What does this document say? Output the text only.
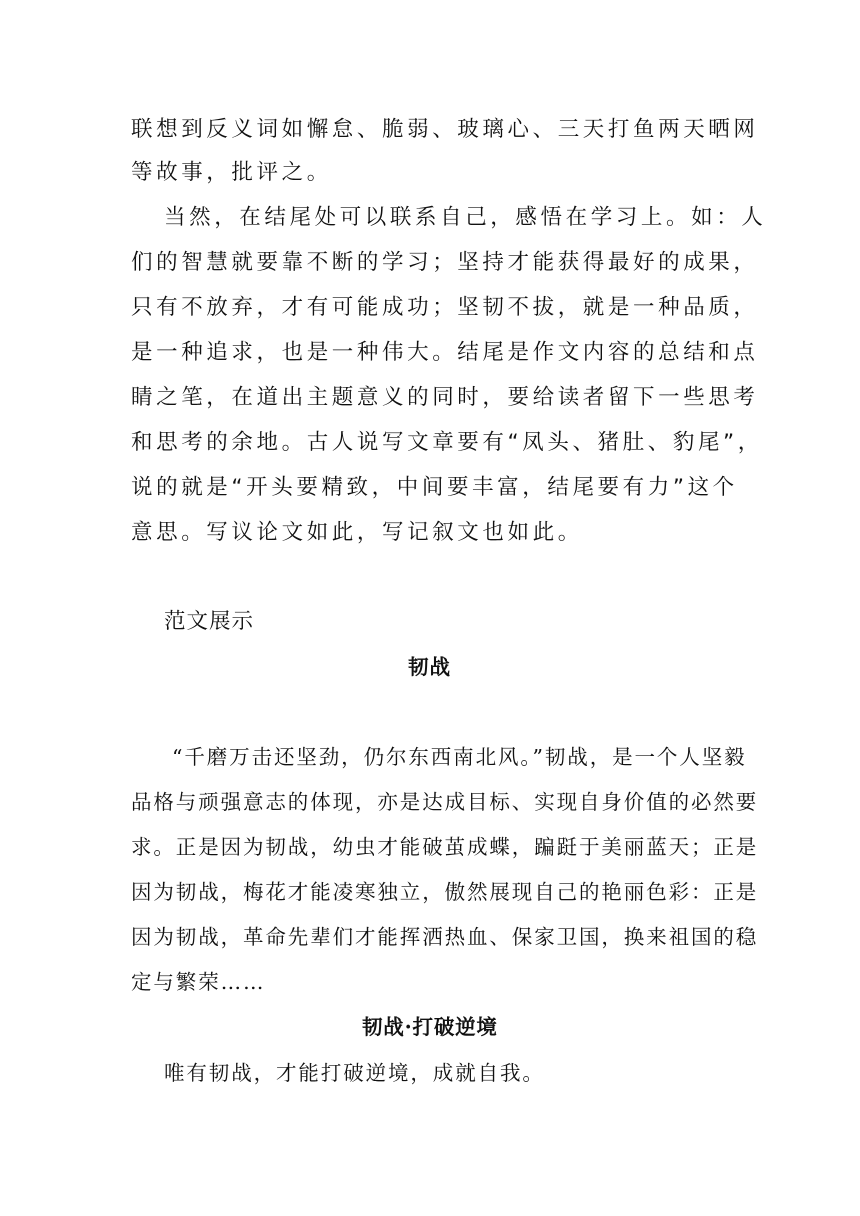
联想到反义词如懈怠、脆弱、玻璃心、三天打鱼两天晒网
等故事，批评之。
当然，在结尾处可以联系自己，感悟在学习上。如：人
们的智慧就要靠不断的学习；坚持才能获得最好的成果，
只有不放弃，才有可能成功；坚韧不拔，就是一种品质，
是一种追求，也是一种伟大。结尾是作文内容的总结和点
睛之笔，在道出主题意义的同时，要给读者留下一些思考
和思考的余地。古人说写文章要有“凤头、猪肚、豹尾”，
说的就是“开头要精致，中间要丰富，结尾要有力”这个
意思。写议论文如此，写记叙文也如此。
范文展示
韧战
“千磨万击还坚劲，仍尔东西南北风。”韧战，是一个人坚毅
品格与顽强意志的体现，亦是达成目标、实现自身价值的必然要
求。正是因为韧战，幼虫才能破茧成蝶，蹁跹于美丽蓝天；正是
因为韧战，梅花才能凌寒独立，傲然展现自己的艳丽色彩：正是
因为韧战，革命先辈们才能挥洒热血、保家卫国，换来祖国的稳
定与繁荣……
韧战·打破逆境
唯有韧战，才能打破逆境，成就自我。
